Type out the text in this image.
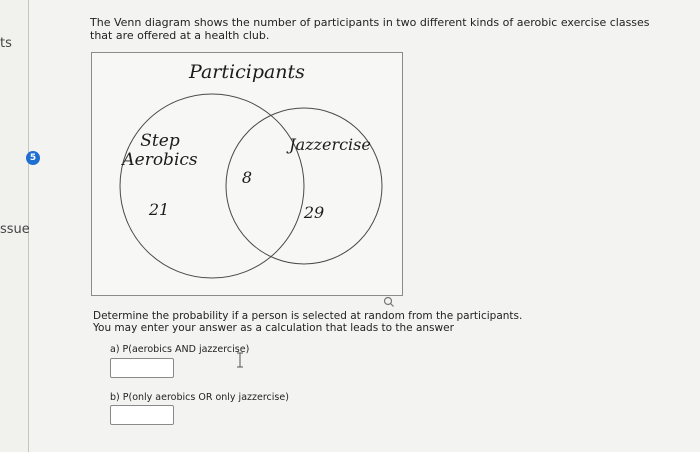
ts
ssue
5
The Venn diagram shows the number of participants in two different kinds of aerobic exercise classes that are offered at a health club.
Participants
Step
Aerobics
Jazzercise
21
8
29
Determine the probability if a person is selected at random from the participants.
You may enter your answer as a calculation that leads to the answer
a) P(aerobics AND jazzercise)
b) P(only aerobics OR only jazzercise)
